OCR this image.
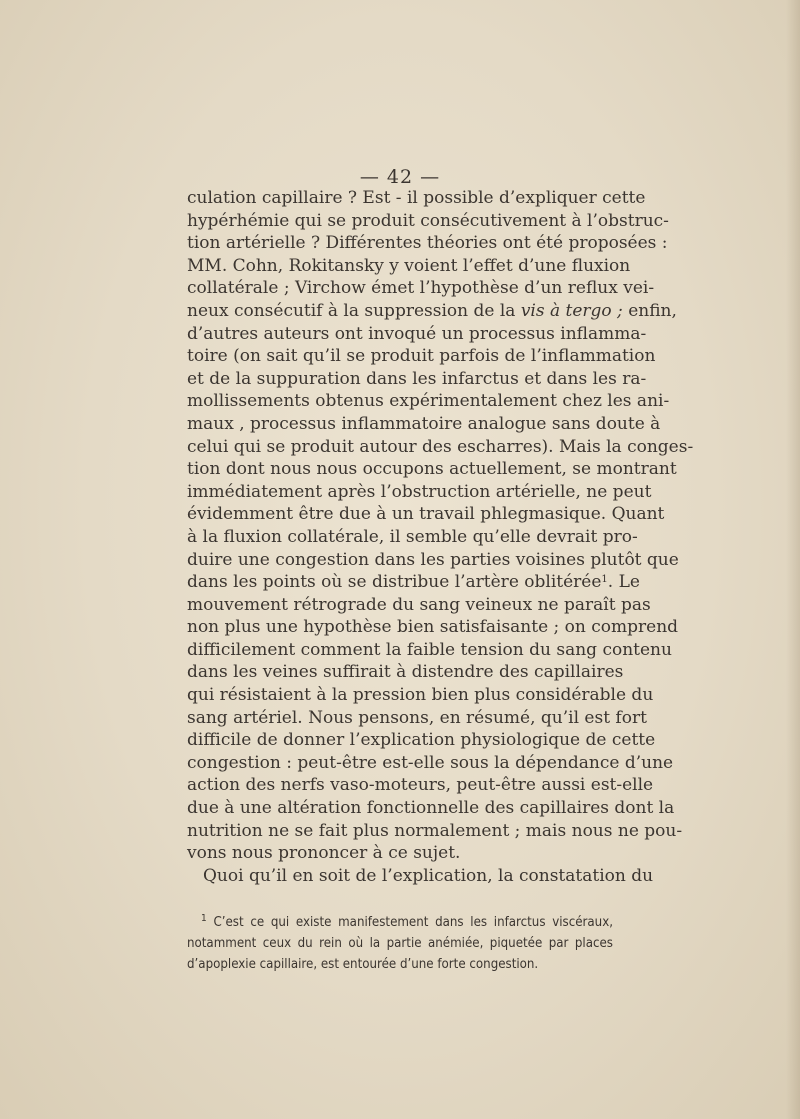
— 42 —
culation capillaire ? Est - il possible d’expliquer cette
hypérhémie qui se produit consécutivement à l’obstruc-
tion artérielle ? Différentes théories ont été proposées :
MM. Cohn, Rokitansky y voient l’effet d’une fluxion
collatérale ; Virchow émet l’hypothèse d’un reflux vei-
neux consécutif à la suppression de la vis à tergo ; enfin,
d’autres auteurs ont invoqué un processus inflamma-
toire (on sait qu’il se produit parfois de l’inflammation
et de la suppuration dans les infarctus et dans les ra-
mollissements obtenus expérimentalement chez les ani-
maux , processus inflammatoire analogue sans doute à
celui qui se produit autour des escharres). Mais la conges-
tion dont nous nous occupons actuellement, se montrant
immédiatement après l’obstruction artérielle, ne peut
évidemment être due à un travail phlegmasique. Quant
à la fluxion collatérale, il semble qu’elle devrait pro-
duire une congestion dans les parties voisines plutôt que
dans les points où se distribue l’artère oblitérée$^1$. Le
mouvement rétrograde du sang veineux ne paraît pas
non plus une hypothèse bien satisfaisante ; on comprend
difficilement comment la faible tension du sang contenu
dans les veines suffirait à distendre des capillaires
qui résistaient à la pression bien plus considérable du
sang artériel. Nous pensons, en résumé, qu’il est fort
difficile de donner l’explication physiologique de cette
congestion : peut-être est-elle sous la dépendance d’une
action des nerfs vaso-moteurs, peut-être aussi est-elle
due à une altération fonctionnelle des capillaires dont la
nutrition ne se fait plus normalement ; mais nous ne pou-
vons nous prononcer à ce sujet.
Quoi qu’il en soit de l’explication, la constatation du
$^1$ C’est ce qui existe manifestement dans les infarctus viscéraux,
notamment ceux du rein où la partie anémiée, piquetée par places
d’apoplexie capillaire, est entourée d’une forte congestion.
